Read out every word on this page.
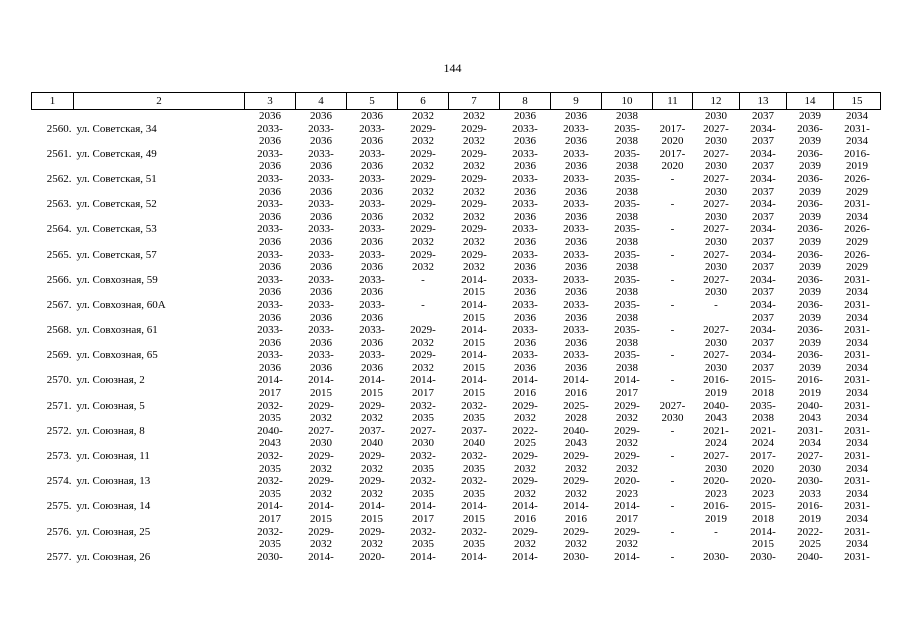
144
1	2	3	4	5	6	7	8	9	10	11	12	13	14	15
		2036	2036	2036	2032	2032	2036	2036	2038		2030	2037	2039	2034
2560.	ул. Советская, 34	2033-	2033-	2033-	2029-	2029-	2033-	2033-	2035-	2017-	2027-	2034-	2036-	2031-
		2036	2036	2036	2032	2032	2036	2036	2038	2020	2030	2037	2039	2034
2561.	ул. Советская, 49	2033-	2033-	2033-	2029-	2029-	2033-	2033-	2035-	2017-	2027-	2034-	2036-	2016-
		2036	2036	2036	2032	2032	2036	2036	2038	2020	2030	2037	2039	2019
2562.	ул. Советская, 51	2033-	2033-	2033-	2029-	2029-	2033-	2033-	2035-	-	2027-	2034-	2036-	2026-
		2036	2036	2036	2032	2032	2036	2036	2038		2030	2037	2039	2029
2563.	ул. Советская, 52	2033-	2033-	2033-	2029-	2029-	2033-	2033-	2035-	-	2027-	2034-	2036-	2031-
		2036	2036	2036	2032	2032	2036	2036	2038		2030	2037	2039	2034
2564.	ул. Советская, 53	2033-	2033-	2033-	2029-	2029-	2033-	2033-	2035-	-	2027-	2034-	2036-	2026-
		2036	2036	2036	2032	2032	2036	2036	2038		2030	2037	2039	2029
2565.	ул. Советская, 57	2033-	2033-	2033-	2029-	2029-	2033-	2033-	2035-	-	2027-	2034-	2036-	2026-
		2036	2036	2036	2032	2032	2036	2036	2038		2030	2037	2039	2029
2566.	ул. Совхозная, 59	2033-	2033-	2033-	-	2014-	2033-	2033-	2035-	-	2027-	2034-	2036-	2031-
		2036	2036	2036		2015	2036	2036	2038		2030	2037	2039	2034
2567.	ул. Совхозная, 60А	2033-	2033-	2033-	-	2014-	2033-	2033-	2035-	-	-	2034-	2036-	2031-
		2036	2036	2036		2015	2036	2036	2038			2037	2039	2034
2568.	ул. Совхозная, 61	2033-	2033-	2033-	2029-	2014-	2033-	2033-	2035-	-	2027-	2034-	2036-	2031-
		2036	2036	2036	2032	2015	2036	2036	2038		2030	2037	2039	2034
2569.	ул. Совхозная, 65	2033-	2033-	2033-	2029-	2014-	2033-	2033-	2035-	-	2027-	2034-	2036-	2031-
		2036	2036	2036	2032	2015	2036	2036	2038		2030	2037	2039	2034
2570.	ул. Союзная, 2	2014-	2014-	2014-	2014-	2014-	2014-	2014-	2014-	-	2016-	2015-	2016-	2031-
		2017	2015	2015	2017	2015	2016	2016	2017		2019	2018	2019	2034
2571.	ул. Союзная, 5	2032-	2029-	2029-	2032-	2032-	2029-	2025-	2029-	2027-	2040-	2035-	2040-	2031-
		2035	2032	2032	2035	2035	2032	2028	2032	2030	2043	2038	2043	2034
2572.	ул. Союзная, 8	2040-	2027-	2037-	2027-	2037-	2022-	2040-	2029-	-	2021-	2021-	2031-	2031-
		2043	2030	2040	2030	2040	2025	2043	2032		2024	2024	2034	2034
2573.	ул. Союзная, 11	2032-	2029-	2029-	2032-	2032-	2029-	2029-	2029-	-	2027-	2017-	2027-	2031-
		2035	2032	2032	2035	2035	2032	2032	2032		2030	2020	2030	2034
2574.	ул. Союзная, 13	2032-	2029-	2029-	2032-	2032-	2029-	2029-	2020-	-	2020-	2020-	2030-	2031-
		2035	2032	2032	2035	2035	2032	2032	2023		2023	2023	2033	2034
2575.	ул. Союзная, 14	2014-	2014-	2014-	2014-	2014-	2014-	2014-	2014-	-	2016-	2015-	2016-	2031-
		2017	2015	2015	2017	2015	2016	2016	2017		2019	2018	2019	2034
2576.	ул. Союзная, 25	2032-	2029-	2029-	2032-	2032-	2029-	2029-	2029-	-	-	2014-	2022-	2031-
		2035	2032	2032	2035	2035	2032	2032	2032			2015	2025	2034
2577.	ул. Союзная, 26	2030-	2014-	2020-	2014-	2014-	2014-	2030-	2014-	-	2030-	2030-	2040-	2031-
